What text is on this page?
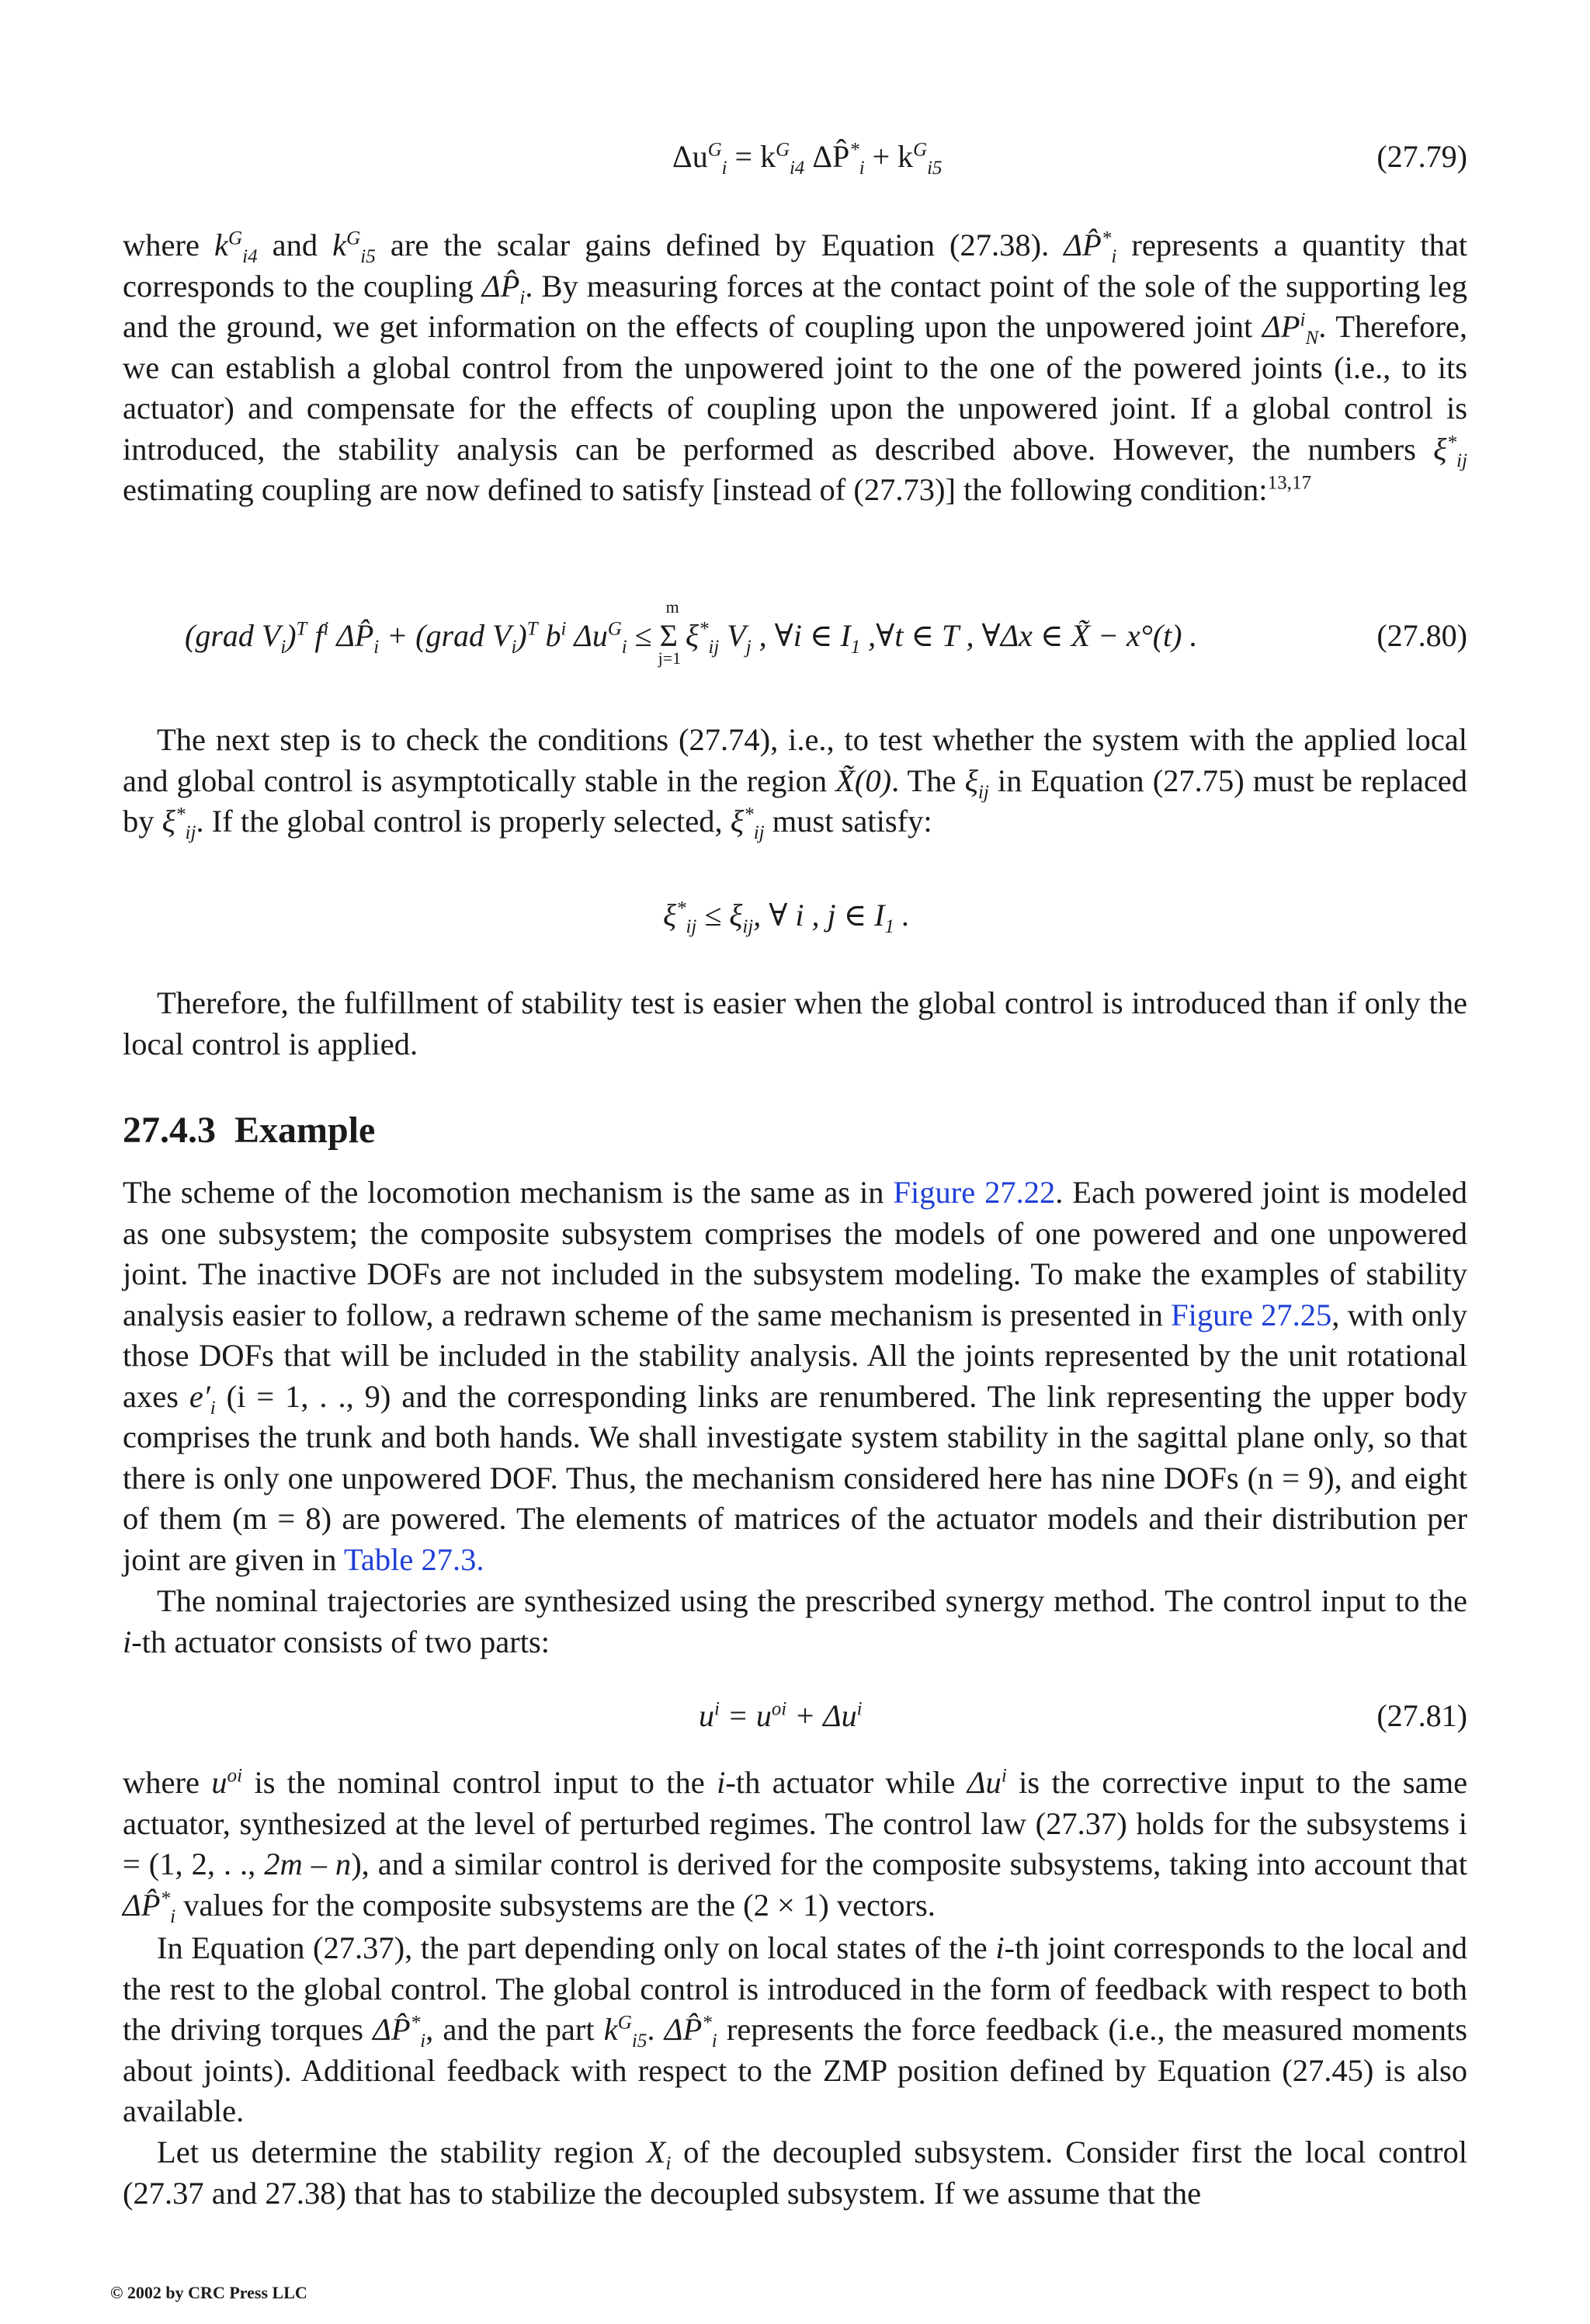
$\Delta u^G_i = k^G_{i4}$ $\Delta P̂^*_i + k^G_{i5}$	(27.79)

where $k^G_{i4}$ and $k^G_{i5}$ are the scalar gains defined by Equation (27.38). $\Delta P̂^*_i$ represents a quantity that corresponds to the coupling $\Delta P̂_i$. By measuring forces at the contact point of the sole of the supporting leg and the ground, we get information on the effects of coupling upon the unpowered joint $\Delta P^i_N$. Therefore, we can establish a global control from the unpowered joint to the one of the powered joints (i.e., to its actuator) and compensate for the effects of coupling upon the unpowered joint. If a global control is introduced, the stability analysis can be performed as described above. However, the numbers $\xi^*_{ij}$ estimating coupling are now defined to satisfy [instead of (27.73)] the following condition:$^{13,17}$

(grad $V_i)^T$ $f^i$ $\Delta P̂_i$ + (grad $V_i)^T$ $b^i$ $\Delta u^G_i$ ≤
m
Σ
j=1
$\xi^*_{ij}$ $V_j$ , ∀i ∈ $I_1$ ,∀t ∈ T , ∀Δx ∈ X̃ − x°(t) .	(27.80)

The next step is to check the conditions (27.74), i.e., to test whether the system with the applied local and global control is asymptotically stable in the region X̃(0). The $\xi_{ij}$ in Equation (27.75) must be replaced by $\xi^*_{ij}$. If the global control is properly selected, $\xi^*_{ij}$ must satisfy:

$\xi^*_{ij} \le \xi_{ij}$, ∀ i , j ∈ $I_1$ .

Therefore, the fulfillment of stability test is easier when the global control is introduced than if only the local control is applied.

27.4.3 Example

The scheme of the locomotion mechanism is the same as in Figure 27.22. Each powered joint is modeled as one subsystem; the composite subsystem comprises the models of one powered and one unpowered joint. The inactive DOFs are not included in the subsystem modeling. To make the examples of stability analysis easier to follow, a redrawn scheme of the same mechanism is presented in Figure 27.25, with only those DOFs that will be included in the stability analysis. All the joints represented by the unit rotational axes $e'_i$ (i = 1, . ., 9) and the corresponding links are renumbered. The link representing the upper body comprises the trunk and both hands. We shall investigate system stability in the sagittal plane only, so that there is only one unpowered DOF. Thus, the mechanism considered here has nine DOFs (n = 9), and eight of them (m = 8) are powered. The elements of matrices of the actuator models and their distribution per joint are given in Table 27.3.

The nominal trajectories are synthesized using the prescribed synergy method. The control input to the i-th actuator consists of two parts:

$u^i = u^{oi} + \Delta u^i$	(27.81)

where $u^{oi}$ is the nominal control input to the i-th actuator while $\Delta u^i$ is the corrective input to the same actuator, synthesized at the level of perturbed regimes. The control law (27.37) holds for the subsystems i = (1, 2, . ., 2m – n), and a similar control is derived for the composite subsystems, taking into account that $\Delta P̂^*_i$ values for the composite subsystems are the (2 × 1) vectors.

In Equation (27.37), the part depending only on local states of the i-th joint corresponds to the local and the rest to the global control. The global control is introduced in the form of feedback with respect to both the driving torques $\Delta P̂^*_i$, and the part $k^G_{i5}$. $\Delta P̂^*_i$ represents the force feedback (i.e., the measured moments about joints). Additional feedback with respect to the ZMP position defined by Equation (27.45) is also available.

Let us determine the stability region $X_i$ of the decoupled subsystem. Consider first the local control (27.37 and 27.38) that has to stabilize the decoupled subsystem. If we assume that the

© 2002 by CRC Press LLC
